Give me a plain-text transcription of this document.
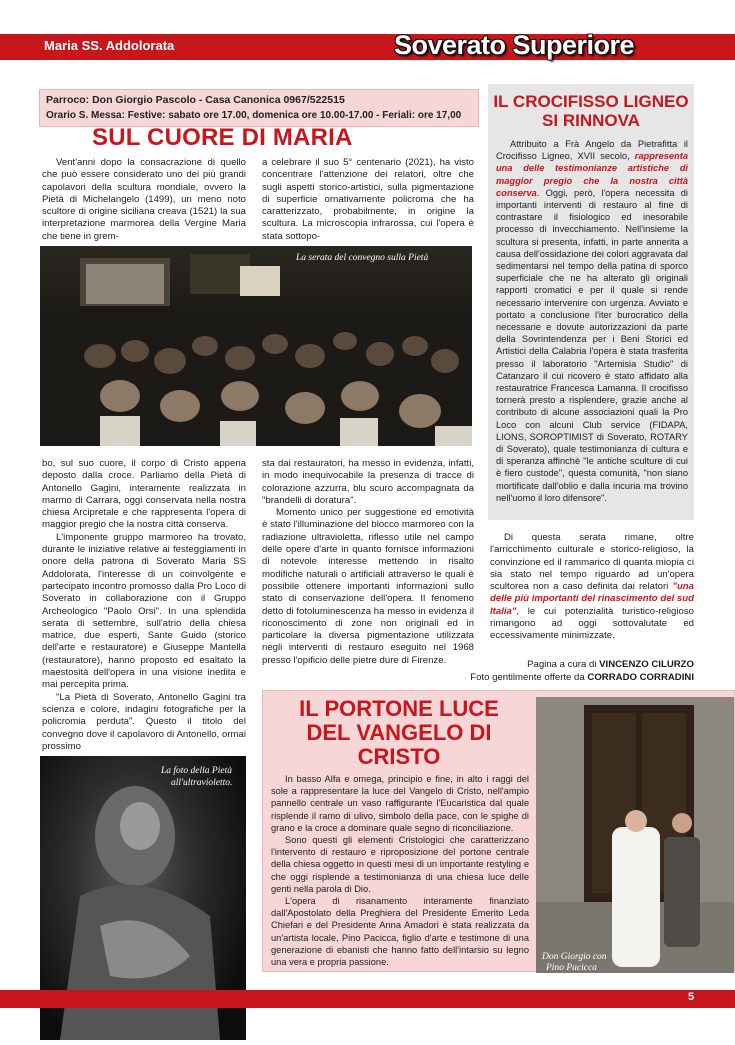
Maria SS. Addolorata	Soverato Superiore
Parroco: Don Giorgio Pascolo - Casa Canonica 0967/522515
Orario S. Messa: Festive: sabato ore 17.00, domenica ore 10.00-17.00 - Feriali: ore 17,00
SUL CUORE DI MARIA

Vent'anni dopo la consacrazione di quello che può essere considerato uno dei più grandi capolavori della scultura mondiale, ovvero la Pietà di Michelangelo (1499), un meno noto scultore di origine siciliana creava (1521) la sua interpretazione marmorea della Vergine Maria che tiene in grem-

a celebrare il suo 5° centenario (2021), ha visto concentrare l'attenzione dei relatori, oltre che sugli aspetti storico-artistici, sulla pigmentazione di superficie ornativamente policroma che ha caratterizzato, probabilmente, in origine la scultura. La microscopia infrarossa, cui l'opera è stata sottopo-

La serata del convegno sulla Pietà

bo, sul suo cuore, il corpo di Cristo appena deposto dalla croce. Parliamo della Pietà di Antonello Gagini, interamente realizzata in marmo di Carrara, oggi conservata nella nostra chiesa Arcipretale e che rappresenta l'opera di maggior pregio che la nostra città conserva.

L'imponente gruppo marmoreo ha trovato, durante le iniziative relative ai festeggiamenti in onore della patrona di Soverato Maria SS Addolorata, l'interesse di un coinvolgente e partecipato incontro promosso dalla Pro Loco di Soverato in collaborazione con il Gruppo Archeologico "Paolo Orsi". In una splendida serata di settembre, sull'atrio della chiesa matrice, due esperti, Sante Guido (storico dell'arte e restauratore) e Giuseppe Mantella (restauratore), hanno proposto ed esaltato la maestosità dell'opera in una visione inedita e mai percepita prima.

"La Pietà di Soverato, Antonello Gagini tra scienza e colore, indagini fotografiche per la policromia perduta". Questo il titolo del convegno dove il capolavoro di Antonello, ormai prossimo

sta dai restauratori, ha messo in evidenza, infatti, in modo inequivocabile la presenza di tracce di colorazione azzurra, blu scuro accompagnata da "brandelli di doratura".

Momento unico per suggestione ed emotività è stato l'illuminazione del blocco marmoreo con la radiazione ultravioletta, riflesso utile nel campo delle opere d'arte in quanto fornisce informazioni di notevole interesse mettendo in risalto modifiche naturali o artificiali attraverso le quali è possibile ottenere importanti informazioni sullo stato di conservazione dell'opera. Il fenomeno detto di fotoluminescenza ha messo in evidenza il riconoscimento di zone non originali ed in particolare la diversa pigmentazione utilizzata negli interventi di restauro eseguito nel 1968 presso l'opificio delle pietre dure di Firenze.

IL CROCIFISSO LIGNEO
SI RINNOVA

Attribuito a Frà Angelo da Pietrafitta il Crocifisso Ligneo, XVII secolo, rappresenta una delle testimonianze artistiche di maggior pregio che la nostra città conserva. Oggi, però, l'opera necessita di importanti interventi di restauro al fine di contrastare il fisiologico ed inesorabile processo di invecchiamento. Nell'insieme la scultura si presenta, infatti, in parte annerita a causa dell'ossidazione dei colori aggravata dal sedimentarsi nel tempo della patina di sporco superficiale che ne ha alterato gli originali rapporti cromatici e per il quale si rende necessario intervenire con urgenza. Avviato e portato a conclusione l'iter burocratico della necessarie e dovute autorizzazioni da parte della Sovrintendenza per i Beni Storici ed Artistici della Calabria l'opera è stata trasferita presso il laboratorio "Artemisia Studio" di Catanzaro il cui ricovero è stato affidato alla restauratrice Francesca Lamanna. Il crocifisso tornerà presto a risplendere, grazie anche al contributo di alcune associazioni quali la Pro Loco con alcuni Club service (FIDAPA, LIONS, SOROPTIMIST di Soverato, ROTARY di Soverato), quale testimonianza di cultura e di speranza affinchè "le antiche sculture di cui è fiero custode", questa comunità, "non siano mortificate dall'oblio e dalla incuria ma trovino nell'uomo il loro difensore".

Di questa serata rimane, oltre l'arricchimento culturale e storico-religioso, la convinzione ed il rammarico di quanta miopia ci sia stato nel tempo riguardo ad un'opera scultorea non a caso definita dai relatori "una delle più importanti del rinascimento del sud Italia", le cui potenzialità turistico-religioso rimangono ad oggi sottovalutate ed eccessivamente minimizzate.

Pagina a cura di VINCENZO CILURZO
Foto gentilmente offerte da CORRADO CORRADINI
La foto della Pietà
all'ultravioletto.
IL PORTONE LUCE
DEL VANGELO DI CRISTO

In basso Alfa e omega, principio e fine, in alto i raggi del sole a rappresentare la luce del Vangelo di Cristo, nell'ampio pannello centrale un vaso raffigurante l'Eucaristica dal quale risplende il ramo di ulivo, simbolo della pace, con le spighe di grano e la croce a dominare quale segno di riconciliazione.

Sono questi gli elementi Cristologici che caratterizzano l'intervento di restauro e riproposizione del portone centrale della chiesa oggetto in questi mesi di un importante restyling e che oggi risplende a testimonianza di una chiesa luce delle genti nella parola di Dio.

L'opera di risanamento interamente finanziato dall'Apostolato della Preghiera del Presidente Emerito Leda Chiefari e del Presidente Anna Amadori è stata realizzata da un'artista locale, Pino Pacicca, figlio d'arte e testimone di una generazione di ebanisti che hanno fatto dell'intarsio su legno una vera e propria passione.

Don Giorgio con
Pino Pacicca
5
